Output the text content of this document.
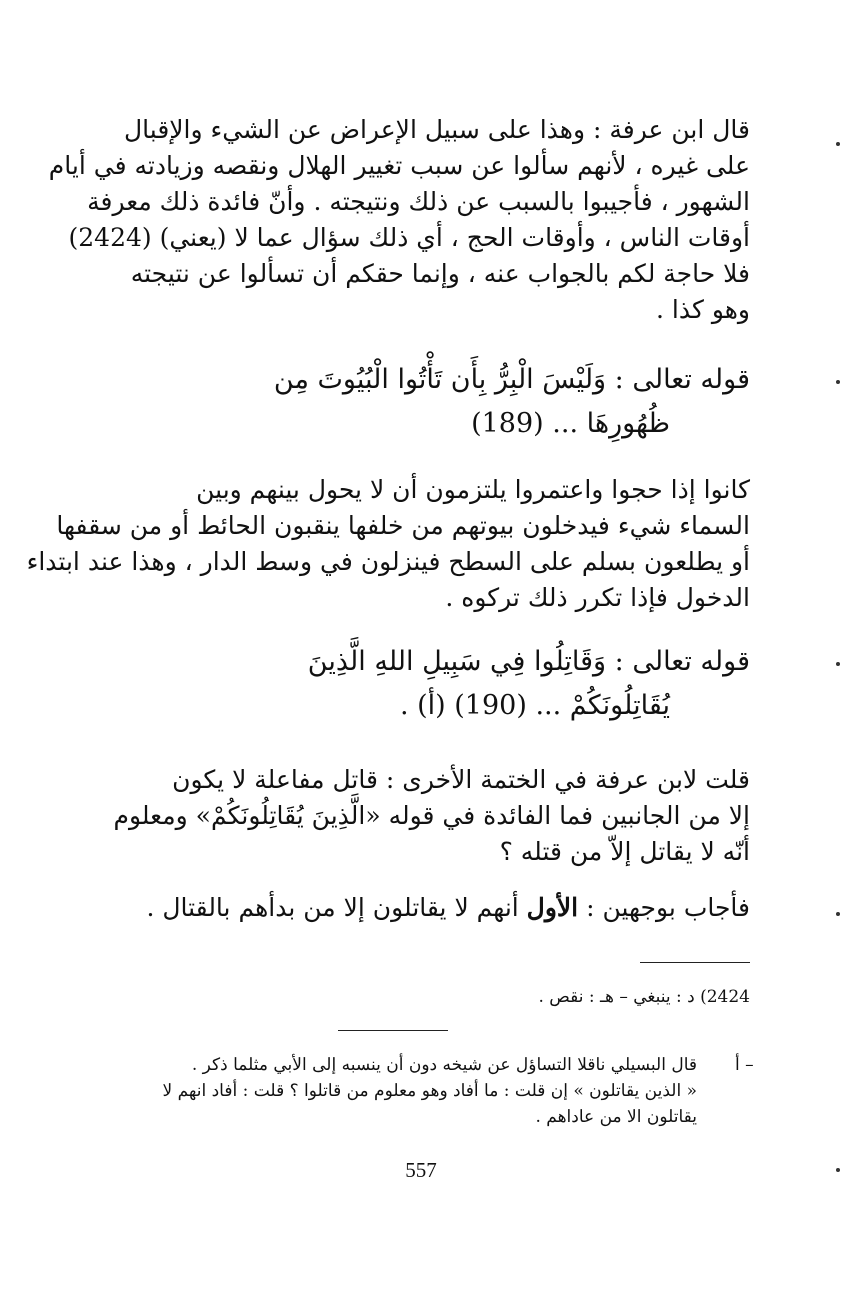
قال ابن عرفة : وهذا على سبيل الإعراض عن الشيء والإقبال
على غيره ، لأنهم سألوا عن سبب تغيير الهلال ونقصه وزيادته في أيام
الشهور ، فأجيبوا بالسبب عن ذلك ونتيجته . وأنّ فائدة ذلك معرفة
أوقات الناس ، وأوقات الحج ، أي ذلك سؤال عما لا (يعني) (2424)
فلا حاجة لكم بالجواب عنه ، وإنما حقكم أن تسألوا عن نتيجته
وهو كذا .
قوله تعالى : وَلَيْسَ الْبِرُّ بِأَن تَأْتُوا الْبُيُوتَ مِن
ظُهُورِهَا ... (189)
كانوا إذا حجوا واعتمروا يلتزمون أن لا يحول بينهم وبين
السماء شيء فيدخلون بيوتهم من خلفها ينقبون الحائط أو من سقفها
أو يطلعون بسلم على السطح فينزلون في وسط الدار ، وهذا عند ابتداء
الدخول فإذا تكرر ذلك تركوه .
قوله تعالى : وَقَاتِلُوا فِي سَبِيلِ اللهِ الَّذِينَ
يُقَاتِلُونَكُمْ ... (190) (أ) .
قلت لابن عرفة في الختمة الأخرى : قاتل مفاعلة لا يكون
إلا من الجانبين فما الفائدة في قوله «الَّذِينَ يُقَاتِلُونَكُمْ» ومعلوم
أنّه لا يقاتل إلاّ من قتله ؟
فأجاب بوجهين : الأول أنهم لا يقاتلون إلا من بدأهم بالقتال .
2424) د : ينبغي – هـ : نقص .
أ –
قال البسيلي ناقلا التساؤل عن شيخه دون أن ينسبه إلى الأبي مثلما ذكر .
« الذين يقاتلون » إن قلت : ما أفاد وهو معلوم من قاتلوا ؟ قلت : أفاد انهم لا
يقاتلون الا من عاداهم .
557
